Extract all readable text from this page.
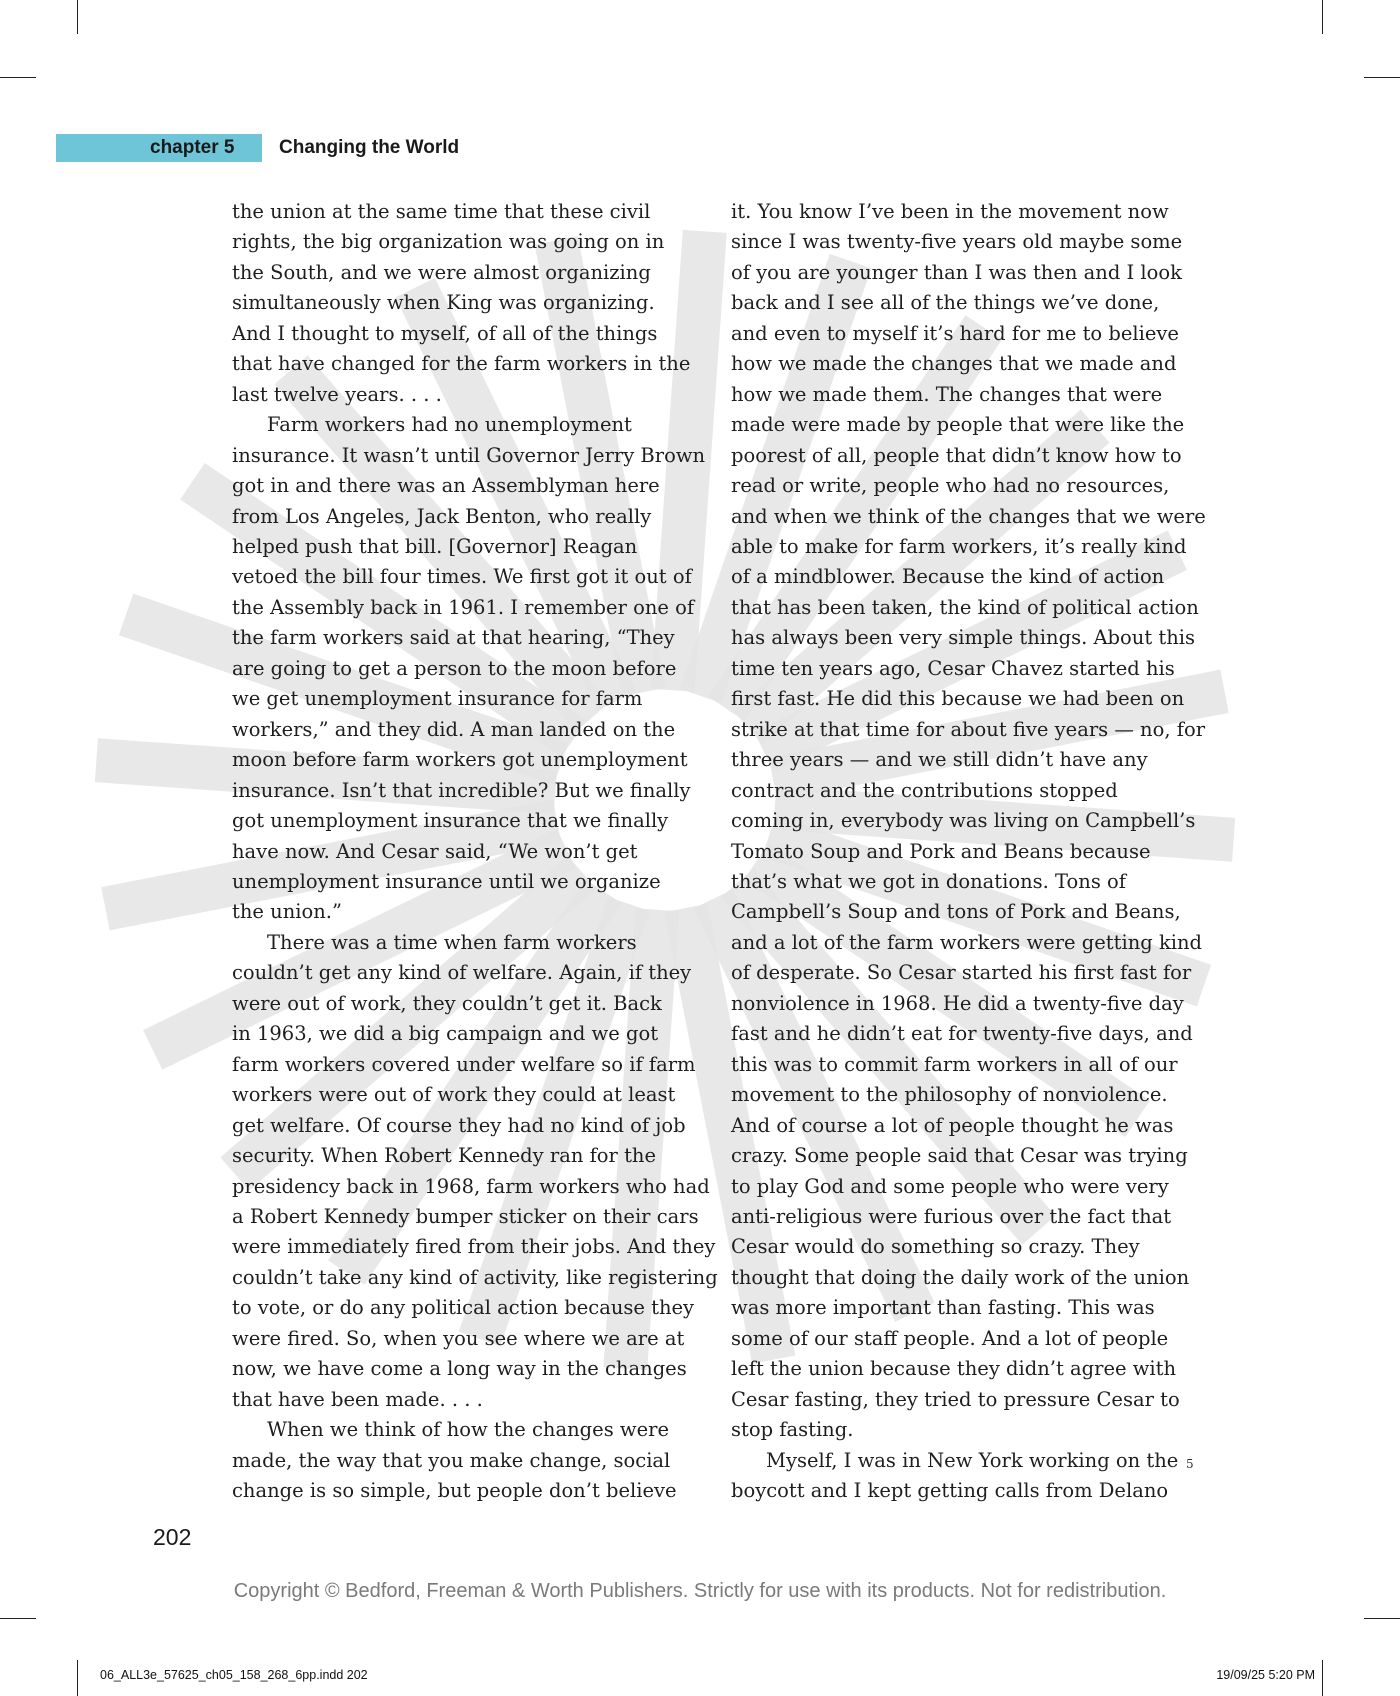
chapter 5 Changing the World

the union at the same time that these civil

rights, the big organization was going on in

the South, and we were almost organizing

simultaneously when King was organizing.

And I thought to myself, of all of the things

that have changed for the farm workers in the

last twelve years. . . .

Farm workers had no unemployment

insurance. It wasn’t until Governor Jerry Brown

got in and there was an Assemblyman here

from Los Angeles, Jack Benton, who really

helped push that bill. [Governor] Reagan

vetoed the bill four times. We first got it out of

the Assembly back in 1961. I remember one of

the farm workers said at that hearing, “They

are going to get a person to the moon before

we get unemployment insurance for farm

workers,” and they did. A man landed on the

moon before farm workers got unemployment

insurance. Isn’t that incredible? But we finally

got unemployment insurance that we finally

have now. And Cesar said, “We won’t get

unemployment insurance until we organize

the union.”

There was a time when farm workers

couldn’t get any kind of welfare. Again, if they

were out of work, they couldn’t get it. Back

in 1963, we did a big campaign and we got

farm workers covered under welfare so if farm

workers were out of work they could at least

get welfare. Of course they had no kind of job

security. When Robert Kennedy ran for the

presidency back in 1968, farm workers who had

a Robert Kennedy bumper sticker on their cars

were immediately fired from their jobs. And they

couldn’t take any kind of activity, like registering

to vote, or do any political action because they

were fired. So, when you see where we are at

now, we have come a long way in the changes

that have been made. . . .

When we think of how the changes were

made, the way that you make change, social

change is so simple, but people don’t believe

it. You know I’ve been in the movement now

since I was twenty-five years old maybe some

of you are younger than I was then and I look

back and I see all of the things we’ve done,

and even to myself it’s hard for me to believe

how we made the changes that we made and

how we made them. The changes that were

made were made by people that were like the

poorest of all, people that didn’t know how to

read or write, people who had no resources,

and when we think of the changes that we were

able to make for farm workers, it’s really kind

of a mindblower. Because the kind of action

that has been taken, the kind of political action

has always been very simple things. About this

time ten years ago, Cesar Chavez started his

first fast. He did this because we had been on

strike at that time for about five years — no, for

three years — and we still didn’t have any

contract and the contributions stopped

coming in, everybody was living on Campbell’s

Tomato Soup and Pork and Beans because

that’s what we got in donations. Tons of

Campbell’s Soup and tons of Pork and Beans,

and a lot of the farm workers were getting kind

of desperate. So Cesar started his first fast for

nonviolence in 1968. He did a twenty-five day

fast and he didn’t eat for twenty-five days, and

this was to commit farm workers in all of our

movement to the philosophy of nonviolence.

And of course a lot of people thought he was

crazy. Some people said that Cesar was trying

to play God and some people who were very

anti-religious were furious over the fact that

Cesar would do something so crazy. They

thought that doing the daily work of the union

was more important than fasting. This was

some of our staff people. And a lot of people

left the union because they didn’t agree with

Cesar fasting, they tried to pressure Cesar to

stop fasting.

Myself, I was in New York working on the

boycott and I kept getting calls from Delano

5
202
Copyright © Bedford, Freeman & Worth Publishers. Strictly for use with its products. Not for redistribution.
06_ALL3e_57625_ch05_158_268_6pp.indd 202	19/09/25 5:20 PM
